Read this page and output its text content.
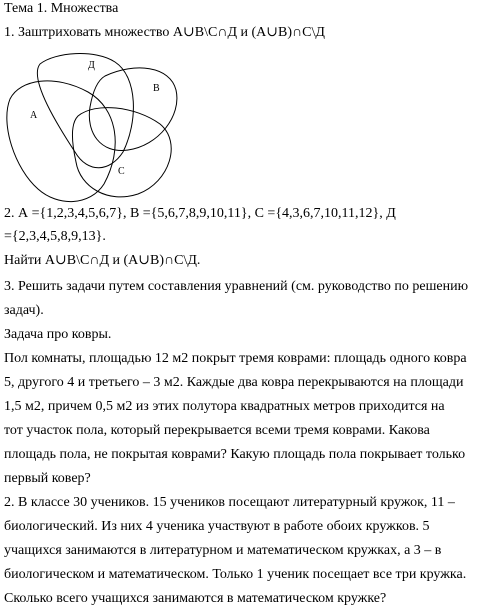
Тема 1. Множества
1. Заштриховать множество А∪В\С∩Д и (А∪В)∩С\Д
Д
В
А
С
2. А ={1,2,3,4,5,6,7}, В ={5,6,7,8,9,10,11}, С ={4,3,6,7,10,11,12}, Д
={2,3,4,5,8,9,13}.
Найти А∪В\С∩Д и (А∪В)∩С\Д.
3. Решить задачи путем составления уравнений (см. руководство по решению
задач).
Задача про ковры.
Пол комнаты, площадью 12 м2 покрыт тремя коврами: площадь одного ковра
5, другого 4 и третьего – 3 м2. Каждые два ковра перекрываются на площади
1,5 м2, причем 0,5 м2 из этих полутора квадратных метров приходится на
тот участок пола, который перекрывается всеми тремя коврами. Какова
площадь пола, не покрытая коврами? Какую площадь пола покрывает только
первый ковер?
2. В классе 30 учеников. 15 учеников посещают литературный кружок, 11 –
биологический. Из них 4 ученика участвуют в работе обоих кружков. 5
учащихся занимаются в литературном и математическом кружках, а 3 – в
биологическом и математическом. Только 1 ученик посещает все три кружка.
Сколько всего учащихся занимаются в математическом кружке?
